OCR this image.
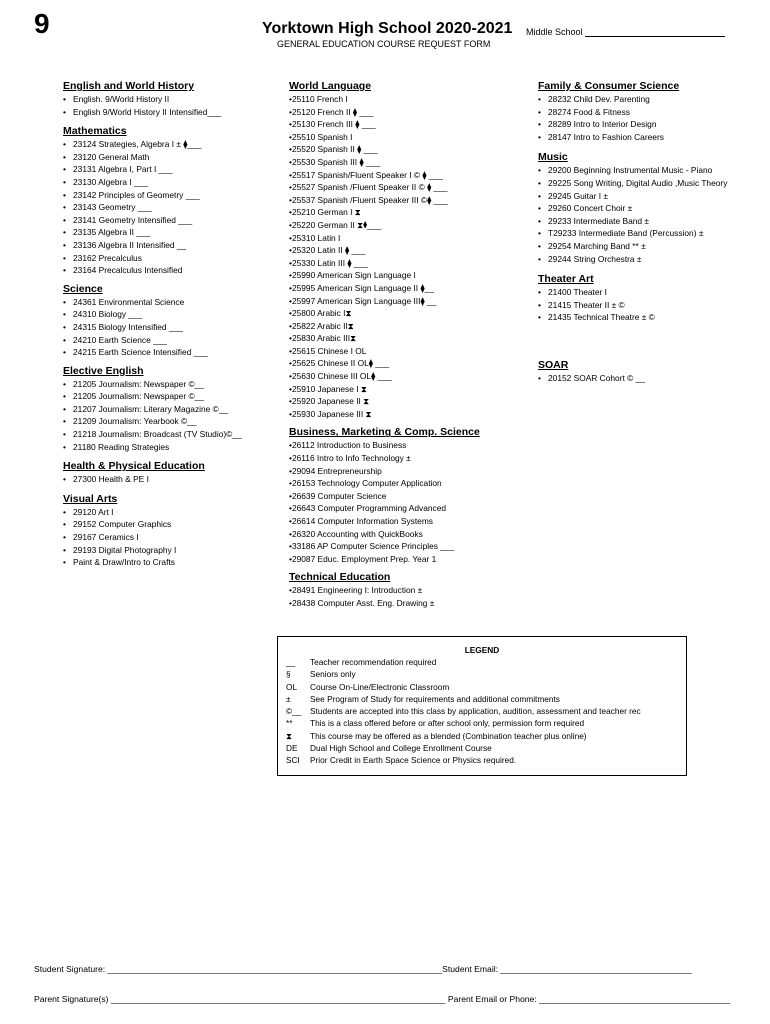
9	Yorktown High School 2020-2021
GENERAL EDUCATION COURSE REQUEST FORM
Middle School

English and World History

• English. 9/World History II
• English 9/World History II Intensified___

Mathematics

• 23124 Strategies, Algebra I ± ⧫___
• 23120 General Math
• 23131 Algebra I, Part I ___
• 23130 Algebra I ___
• 23142 Principles of Geometry ___
• 23143 Geometry ___
• 23141 Geometry Intensified ___
• 23135 Algebra II ___
• 23136 Algebra II Intensified __
• 23162 Precalculus
• 23164 Precalculus Intensified

Science

• 24361 Environmental Science
• 24310 Biology ___
• 24315 Biology Intensified ___
• 24210 Earth Science ___
• 24215 Earth Science Intensified ___

Elective English

• 21205 Journalism: Newspaper ©__
• 21205 Journalism: Newspaper ©__
• 21207 Journalism: Literary Magazine ©__
• 21209 Journalism: Yearbook ©__
• 21218 Journalism: Broadcast (TV Studio)©__
• 21180 Reading Strategies

Health & Physical Education

• 27300 Health & PE I

Visual Arts

• 29120 Art I
• 29152 Computer Graphics
• 29167 Ceramics I
• 29193 Digital Photography I
• Paint & Draw/Intro to Crafts

World Language

• 25110 French I
• 25120 French II ⧫ ___
• 25130 French III ⧫ ___
• 25510 Spanish I
• 25520 Spanish II ⧫ ___
• 25530 Spanish III ⧫ ___
• 25517 Spanish/Fluent Speaker I © ⧫ ___
• 25527 Spanish /Fluent Speaker II © ⧫ ___
• 25537 Spanish /Fluent Speaker III ©⧫ ___
• 25210 German I ⧗
• 25220 German II ⧗⧫___
• 25310 Latin I
• 25320 Latin II ⧫ ___
• 25330 Latin III ⧫ ___
• 25990 American Sign Language I
• 25995 American Sign Language II ⧫__
• 25997 American Sign Language III⧫ __
• 25800 Arabic I⧗
• 25822 Arabic II⧗
• 25830 Arabic III⧗
• 25615 Chinese I OL
• 25625 Chinese II OL⧫ ___
• 25630 Chinese III OL⧫ ___
• 25910 Japanese I ⧗
• 25920 Japanese II ⧗
• 25930 Japanese III ⧗

Business, Marketing & Comp. Science

• 26112 Introduction to Business
• 26116 Intro to Info Technology ±
• 29094 Entrepreneurship
• 26153 Technology Computer Application
• 26639 Computer Science
• 26643 Computer Programming Advanced
• 26614 Computer Information Systems
• 26320 Accounting with QuickBooks
• 33186 AP Computer Science Principles ___
• 29087 Educ. Employment Prep. Year 1

Technical Education

• 28491 Engineering I: Introduction ±
• 28438 Computer Asst. Eng. Drawing ±

Family & Consumer Science

• 28232 Child Dev. Parenting
• 28274 Food & Fitness
• 28289 Intro to Interior Design
• 28147 Intro to Fashion Careers

Music

• 29200 Beginning Instrumental Music - Piano
• 29225 Song Writing, Digital Audio ,Music Theory
• 29245 Guitar I ±
• 29260 Concert Choir ±
• 29233 Intermediate Band ±
• T29233 Intermediate Band (Percussion) ±
• 29254 Marching Band ** ±
• 29244 String Orchestra ±

Theater Art

• 21400 Theater I
• 21415 Theater II ± ©
• 21435 Technical Theatre ± ©

SOAR

• 20152 SOAR Cohort © __
LEGEND
__	Teacher recommendation required
§	Seniors only
OL	Course On-Line/Electronic Classroom
±	See Program of Study for requirements and additional commitments
©__	Students are accepted into this class by application, audition, assessment and teacher rec
**	This is a class offered before or after school only, permission form required
⧗	This course may be offered as a blended (Combination teacher plus online)
DE	Dual High School and College Enrollment Course
SCI	Prior Credit in Earth Space Science or Physics required.
Student Signature: ______________________________________________________________________Student Email: ________________________________________
Parent Signature(s) ______________________________________________________________________ Parent Email or Phone: ________________________________________
